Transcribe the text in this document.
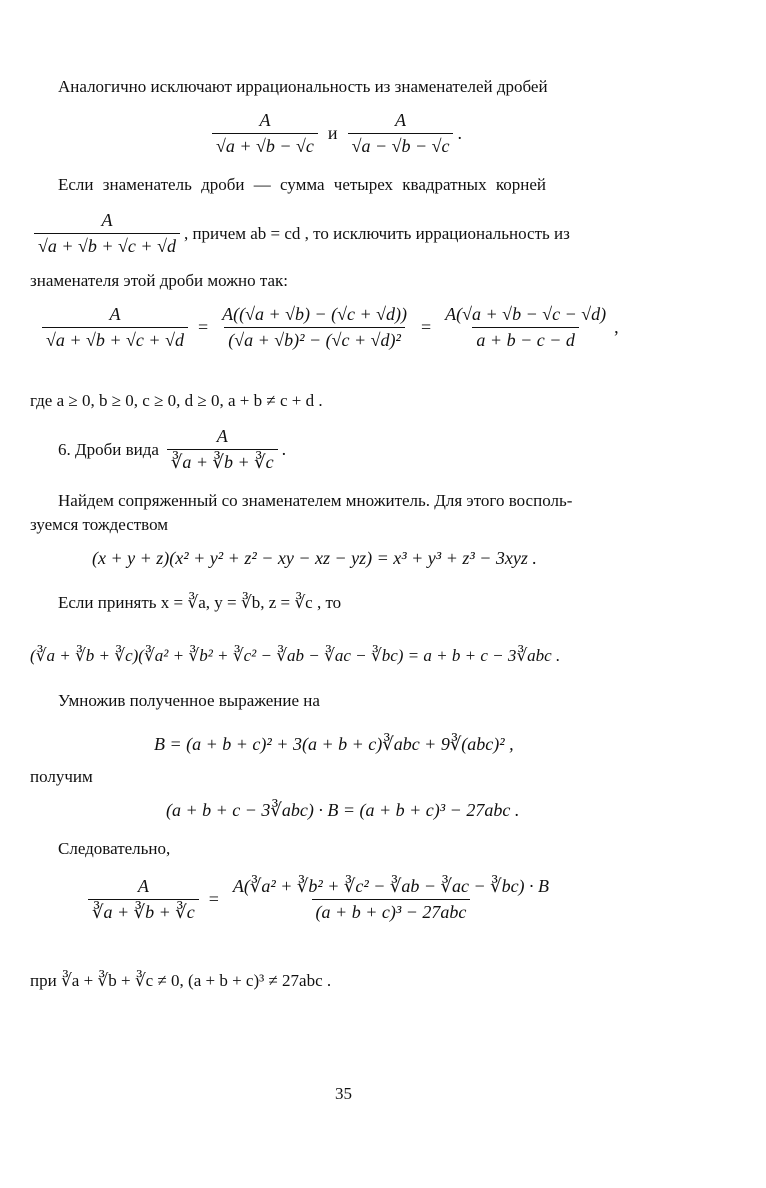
Аналогично исключают иррациональность из знаменателей дробей
$\frac{A}{√a + √b - √c}$ и $\frac{A}{√a - √b - √c}$ .
Если знаменатель дроби — сумма четырех квадратных корней
$\frac{A}{√a + √b + √c + √d}$ , причем ab = cd , то исключить иррациональность из
знаменателя этой дроби можно так:
$\frac{A}{√a + √b + √c + √d} = \frac{A((√a + √b) - (√c + √d))}{\text{(√a + √b)² − (√c + √d)²}} = \frac{A(√a + √b - √c - √d)}{a + b - c - d}$ ,
где a ≥ 0, b ≥ 0, c ≥ 0, d ≥ 0, a + b ≠ c + d .
6. Дроби вида $\frac{A}{∛a + ∛b + ∛c}$ .
Найдем сопряженный со знаменателем множитель. Для этого восполь-
зуемся тождеством
(x + y + z)(x² + y² + z² − xy − xz − yz) = x³ + y³ + z³ − 3xyz .
Если принять x = ∛a, y = ∛b, z = ∛c , то
(∛a + ∛b + ∛c)(∛a² + ∛b² + ∛c² − ∛ab − ∛ac − ∛bc) = a + b + c − 3∛abc .
Умножив полученное выражение на
B = (a + b + c)² + 3(a + b + c)∛abc + 9∛(abc)² ,
получим
(a + b + c − 3∛abc) · B = (a + b + c)³ − 27abc .
Следовательно,
$\frac{A}{∛a + ∛b + ∛c} = \frac{\text{A(∛a² + ∛b² + ∛c² − ∛ab − ∛ac − ∛bc) · B}}{\text{(a + b + c)³ − 27abc}}$
при ∛a + ∛b + ∛c ≠ 0, (a + b + c)³ ≠ 27abc .
35
